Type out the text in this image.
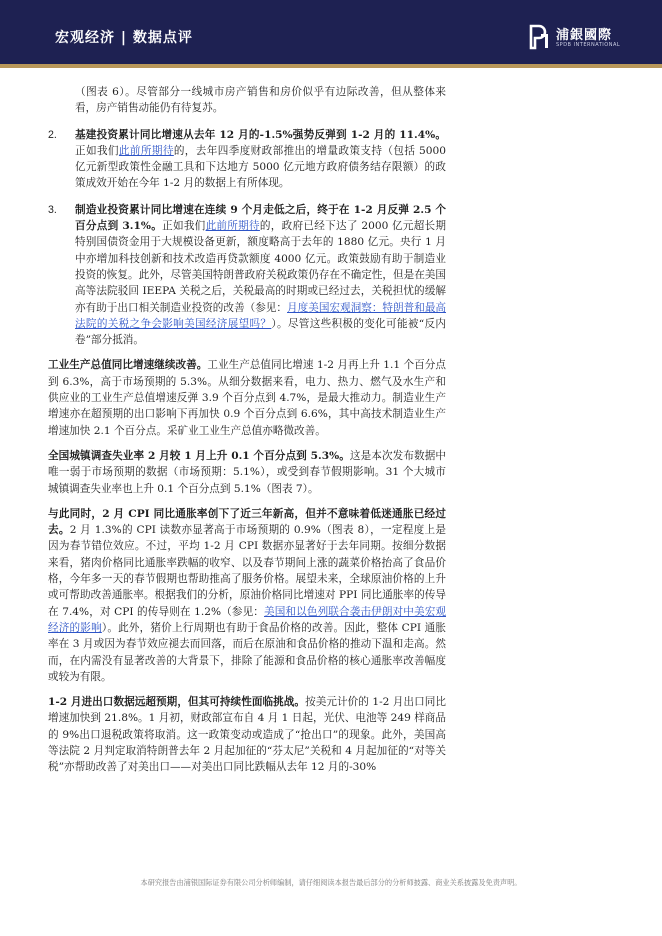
宏观经济 | 数据点评	浦銀國際
SPDB INTERNATIONAL

（图表 6）。尽管部分一线城市房产销售和房价似乎有边际改善，但从整体来看，房产销售动能仍有待复苏。

2. 基建投资累计同比增速从去年 12 月的-1.5%强势反弹到 1-2 月的 11.4%。正如我们此前所期待的，去年四季度财政部推出的增量政策支持（包括 5000 亿元新型政策性金融工具和下达地方 5000 亿元地方政府债务结存限额）的政策成效开始在今年 1-2 月的数据上有所体现。

3. 制造业投资累计同比增速在连续 9 个月走低之后，终于在 1-2 月反弹 2.5 个百分点到 3.1%。正如我们此前所期待的，政府已经下达了 2000 亿元超长期特别国债资金用于大规模设备更新，额度略高于去年的 1880 亿元。央行 1 月中亦增加科技创新和技术改造再贷款额度 4000 亿元。政策鼓励有助于制造业投资的恢复。此外，尽管美国特朗普政府关税政策仍存在不确定性，但是在美国高等法院驳回 IEEPA 关税之后，关税最高的时期或已经过去，关税担忧的缓解亦有助于出口相关制造业投资的改善（参见：月度美国宏观洞察：特朗普和最高法院的关税之争会影响美国经济展望吗？）。尽管这些积极的变化可能被“反内卷”部分抵消。

工业生产总值同比增速继续改善。工业生产总值同比增速 1-2 月再上升 1.1 个百分点到 6.3%，高于市场预期的 5.3%。从细分数据来看，电力、热力、燃气及水生产和供应业的工业生产总值增速反弹 3.9 个百分点到 4.7%，是最大推动力。制造业生产增速亦在超预期的出口影响下再加快 0.9 个百分点到 6.6%，其中高技术制造业生产增速加快 2.1 个百分点。采矿业工业生产总值亦略微改善。

全国城镇调查失业率 2 月较 1 月上升 0.1 个百分点到 5.3%。这是本次发布数据中唯一弱于市场预期的数据（市场预期：5.1%），或受到春节假期影响。31 个大城市城镇调查失业率也上升 0.1 个百分点到 5.1%（图表 7）。

与此同时，2 月 CPI 同比通胀率创下了近三年新高，但并不意味着低迷通胀已经过去。2 月 1.3%的 CPI 读数亦显著高于市场预期的 0.9%（图表 8），一定程度上是因为春节错位效应。不过，平均 1-2 月 CPI 数据亦显著好于去年同期。按细分数据来看，猪肉价格同比通胀率跌幅的收窄、以及春节期间上涨的蔬菜价格抬高了食品价格，今年多一天的春节假期也帮助推高了服务价格。展望未来，全球原油价格的上升或可帮助改善通胀率。根据我们的分析，原油价格同比增速对 PPI 同比通胀率的传导在 7.4%，对 CPI 的传导则在 1.2%（参见：美国和以色列联合袭击伊朗对中美宏观经济的影响）。此外，猪价上行周期也有助于食品价格的改善。因此，整体 CPI 通胀率在 3 月或因为春节效应褪去而回落，而后在原油和食品价格的推动下温和走高。然而，在内需没有显著改善的大背景下，排除了能源和食品价格的核心通胀率改善幅度或较为有限。

1-2 月进出口数据远超预期，但其可持续性面临挑战。按美元计价的 1-2 月出口同比增速加快到 21.8%。1 月初，财政部宣布自 4 月 1 日起，光伏、电池等 249 样商品的 9%出口退税政策将取消。这一政策变动或造成了“抢出口”的现象。此外，美国高等法院 2 月判定取消特朗普去年 2 月起加征的“芬太尼”关税和 4 月起加征的“对等关税”亦帮助改善了对美出口——对美出口同比跌幅从去年 12 月的-30%

本研究报告由浦银国际证券有限公司分析师编制，请仔细阅读本报告最后部分的分析师披露、商业关系披露及免责声明。
